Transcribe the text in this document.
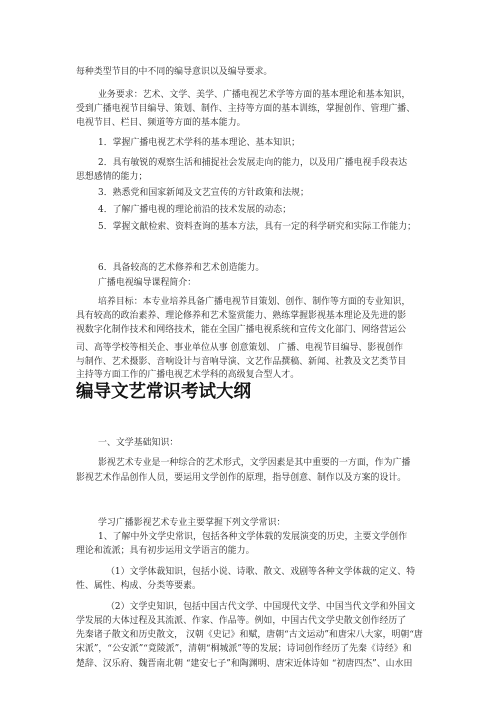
每种类型节目的中不同的编导意识以及编导要求。

业务要求：艺术、文学、美学、广播电视艺术学等方面的基本理论和基本知识，

受到广播电视节目编导、策划、制作、主持等方面的基本训练，掌握创作、管理广播、

电视节目、栏目、频道等方面的基本能力。

1．掌握广播电视艺术学科的基本理论、基本知识；

2．具有敏锐的观察生活和捕捉社会发展走向的能力，以及用广播电视手段表达

思想感情的能力；

3．熟悉党和国家新闻及文艺宣传的方针政策和法规；

4．了解广播电视的理论前沿的技术发展的动态；

5．掌握文献检索、资料查询的基本方法，具有一定的科学研究和实际工作能力；

6．具备较高的艺术修养和艺术创造能力。

广播电视编导课程简介：

培养目标：本专业培养具备广播电视节目策划、创作、制作等方面的专业知识，

具有较高的政治素养、理论修养和艺术鉴赏能力、熟练掌握影视基本理论及先进的影

视数字化制作技术和网络技术，能在全国广播电视系统和宣传文化部门、网络营运公

司、高等学校等相关企、事业单位从事 创意策划、 广播、电视节目编导、影视创作

一、文学基础知识：

影视艺术专业是一种综合的艺术形式，文学因素是其中重要的一方面，作为广播

影视艺术作品创作人员，要运用文学创作的原理，指导创意、制作以及方案的设计。

学习广播影视艺术专业主要掌握下列文学常识：

1、了解中外文学史常识，包括各种文学体载的发展演变的历史，主要文学创作

理论和流派；具有初步运用文学语言的能力。

（1）文学体裁知识，包括小说、诗歌、散文、戏剧等各种文学体裁的定义、特

性、属性、构成、分类等要素。

（2）文学史知识，包括中国古代文学、中国现代文学、中国当代文学和外国文

学发展的大体过程及其流派、作家、作品等。例如，中国古代文学史散文创作经历了

先秦诸子散文和历史散文， 汉朝《史记》和赋，唐朝“古文运动”和唐宋八大家，明朝“唐

宋派”，“公安派”“竟陵派”，清朝“桐城派”等的发展；诗词创作经历了先秦《诗经》和

楚辞、汉乐府、魏晋南北朝 “建安七子”和陶渊明、唐宋近体诗如 “初唐四杰”、山水田

与制作、艺术摄影、音响设计与音响导演、文艺作品撰稿、新闻、社教及文艺类节目

主持等方面工作的广播电视艺术学科的高级复合型人才。

编导文艺常识考试大纲
